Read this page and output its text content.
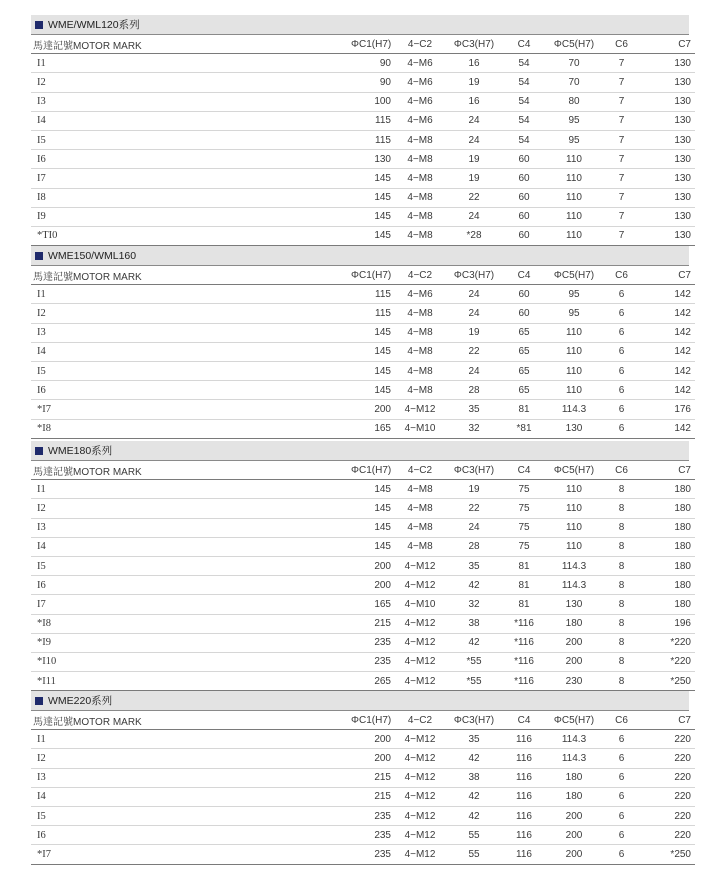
WME/WML120系列
馬達記號MOTOR MARK	ΦC1(H7)	4−C2	ΦC3(H7)	C4	ΦC5(H7)	C6	C7
I1	90	4−M6	16	54	70	7	130
I2	90	4−M6	19	54	70	7	130
I3	100	4−M6	16	54	80	7	130
I4	115	4−M6	24	54	95	7	130
I5	115	4−M8	24	54	95	7	130
I6	130	4−M8	19	60	110	7	130
I7	145	4−M8	19	60	110	7	130
I8	145	4−M8	22	60	110	7	130
I9	145	4−M8	24	60	110	7	130
*TI0	145	4−M8	*28	60	110	7	130
WME150/WML160
馬達記號MOTOR MARK	ΦC1(H7)	4−C2	ΦC3(H7)	C4	ΦC5(H7)	C6	C7
I1	115	4−M6	24	60	95	6	142
I2	115	4−M8	24	60	95	6	142
I3	145	4−M8	19	65	110	6	142
I4	145	4−M8	22	65	110	6	142
I5	145	4−M8	24	65	110	6	142
I6	145	4−M8	28	65	110	6	142
*I7	200	4−M12	35	81	114.3	6	176
*I8	165	4−M10	32	*81	130	6	142
WME180系列
馬達記號MOTOR MARK	ΦC1(H7)	4−C2	ΦC3(H7)	C4	ΦC5(H7)	C6	C7
I1	145	4−M8	19	75	110	8	180
I2	145	4−M8	22	75	110	8	180
I3	145	4−M8	24	75	110	8	180
I4	145	4−M8	28	75	110	8	180
I5	200	4−M12	35	81	114.3	8	180
I6	200	4−M12	42	81	114.3	8	180
I7	165	4−M10	32	81	130	8	180
*I8	215	4−M12	38	*116	180	8	196
*I9	235	4−M12	42	*116	200	8	*220
*I10	235	4−M12	*55	*116	200	8	*220
*I11	265	4−M12	*55	*116	230	8	*250
WME220系列
馬達記號MOTOR MARK	ΦC1(H7)	4−C2	ΦC3(H7)	C4	ΦC5(H7)	C6	C7
I1	200	4−M12	35	116	114.3	6	220
I2	200	4−M12	42	116	114.3	6	220
I3	215	4−M12	38	116	180	6	220
I4	215	4−M12	42	116	180	6	220
I5	235	4−M12	42	116	200	6	220
I6	235	4−M12	55	116	200	6	220
*I7	235	4−M12	55	116	200	6	*250
